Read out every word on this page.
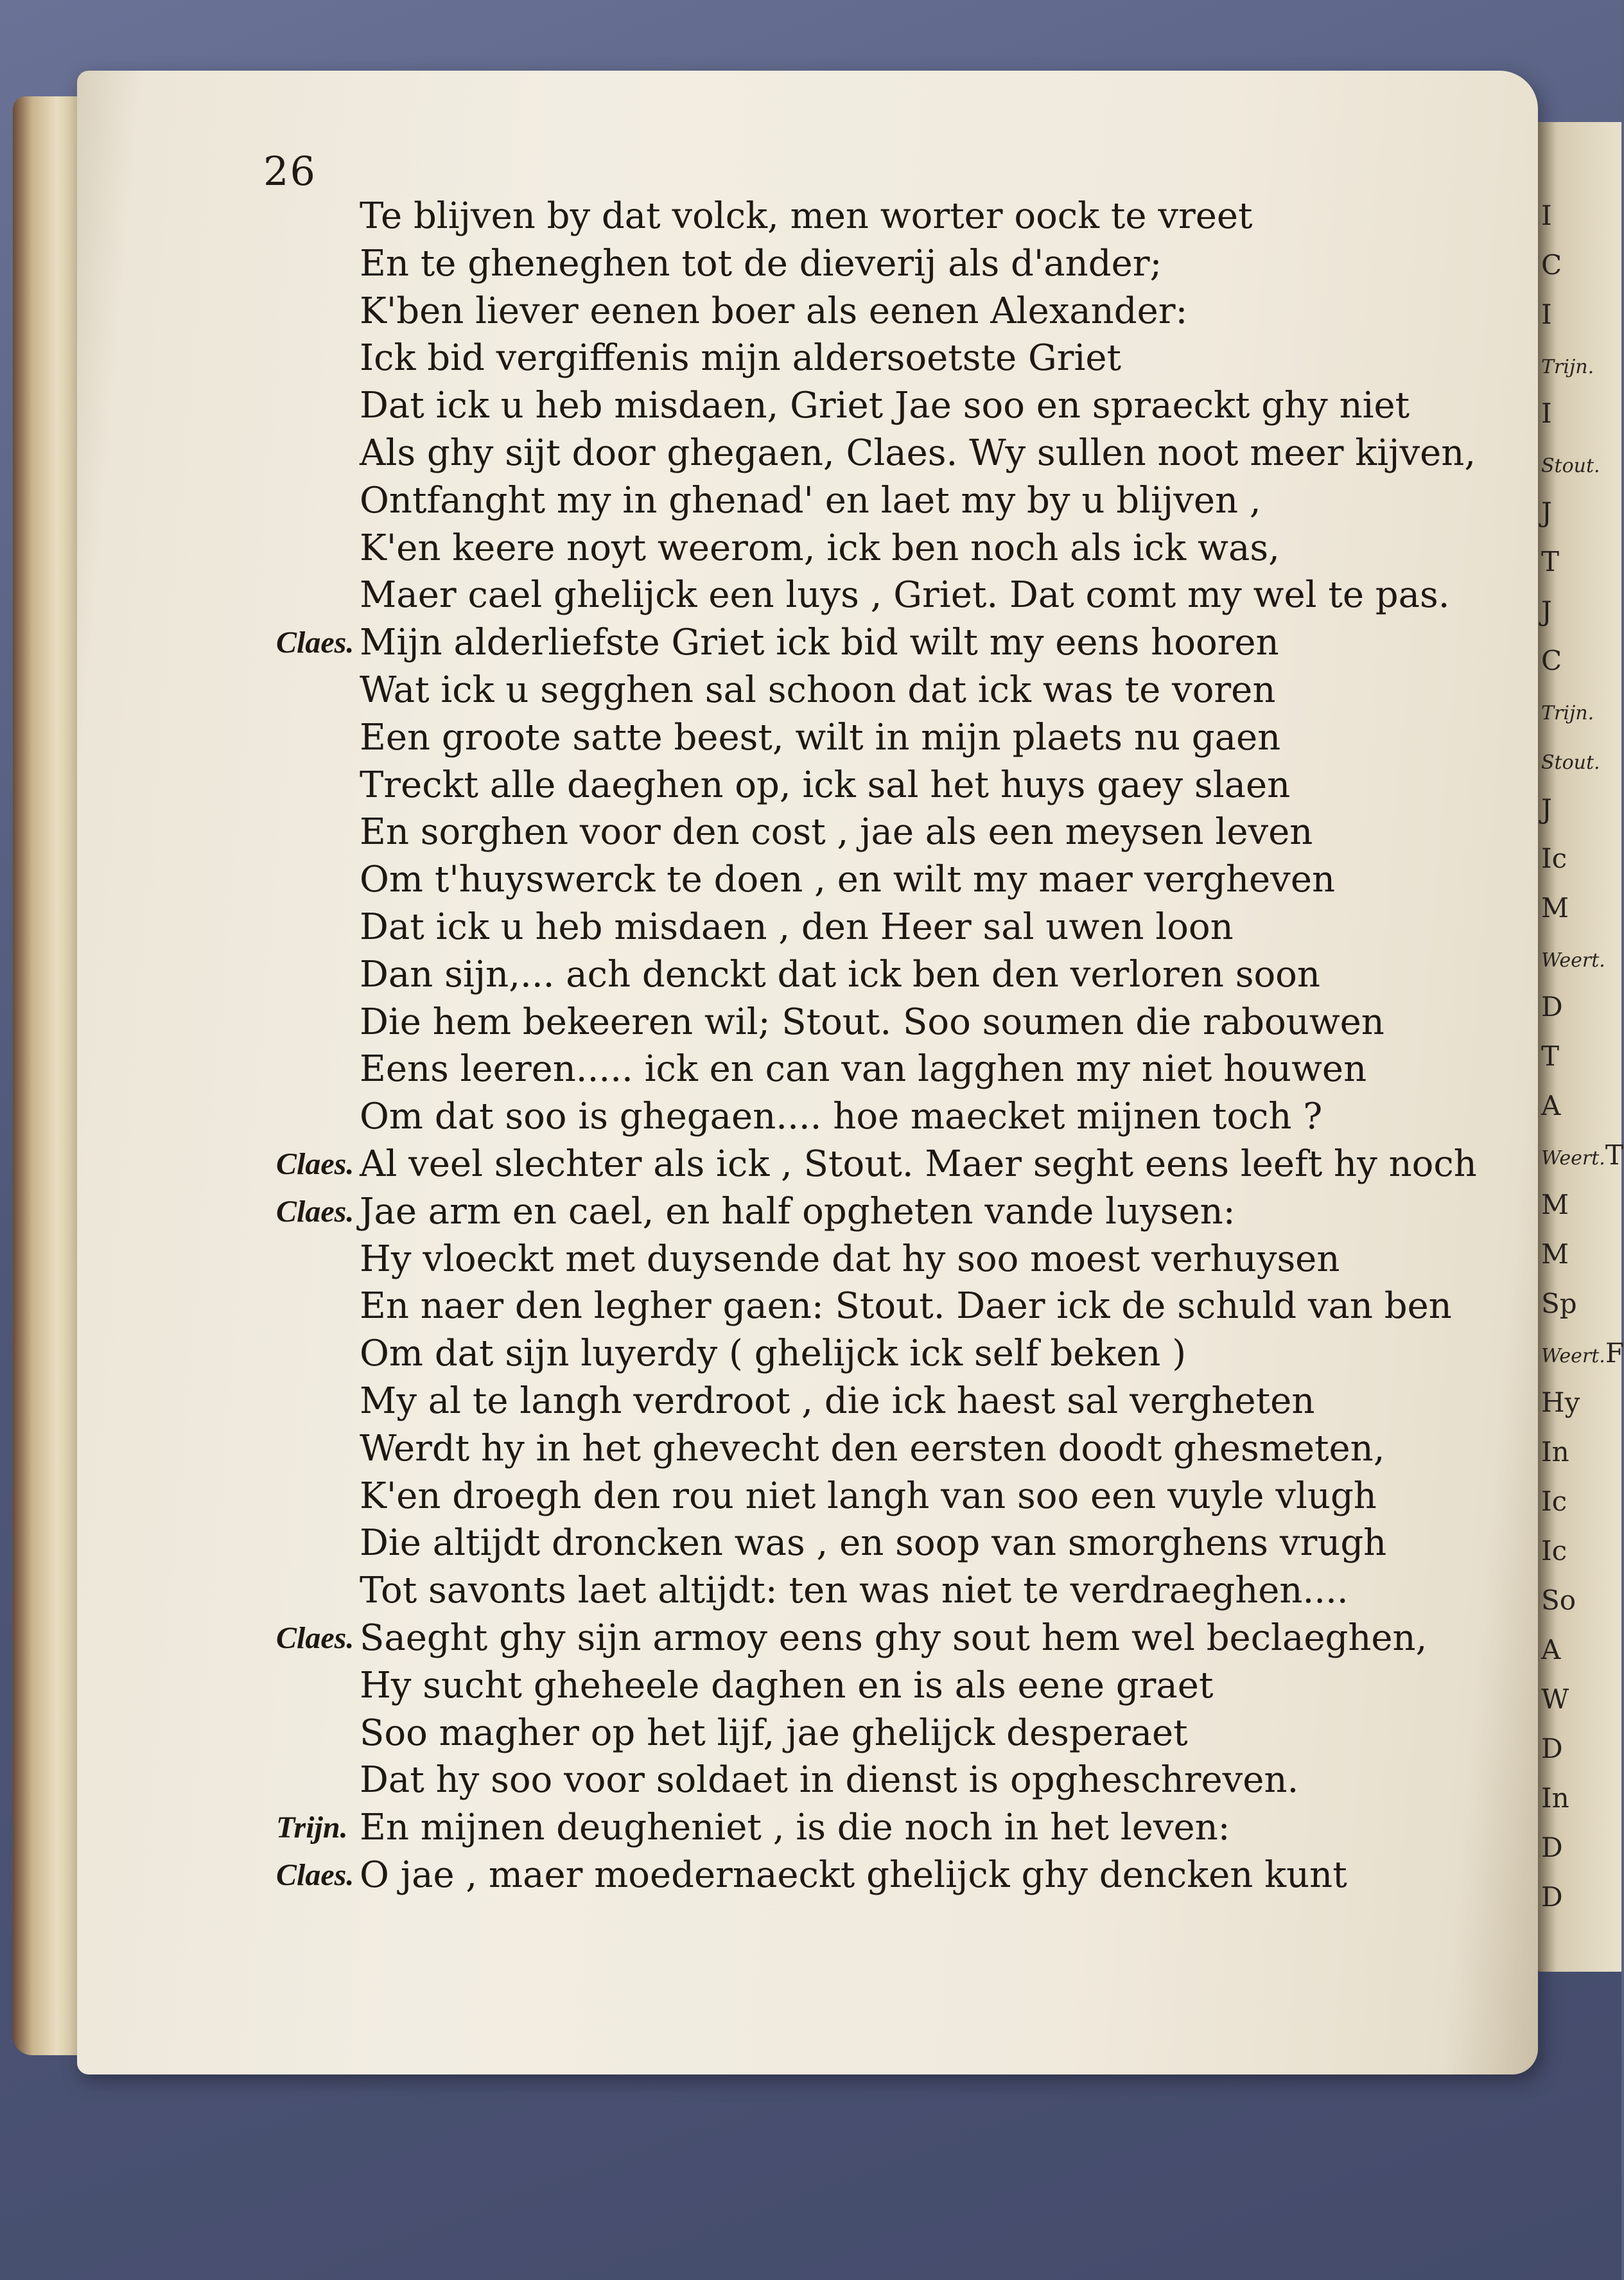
I
C
I
Trijn.
I
Stout.
J
T
J
C
Trijn.
Stout.
J
Ic
M
Weert.
D
T
A
Weert.T
M
M
Sp
Weert.F
Hy
In
Ic
Ic
So
A
W
D
In
D
D
26
Te blijven by dat volck, men worter oock te vreet
En te gheneghen tot de dieverij als d'ander;
K'ben liever eenen boer als eenen Alexander:
Ick bid vergiffenis mijn aldersoetste Griet
Dat ick u heb misdaen, Griet Jae soo en spraeckt ghy niet
Als ghy sijt door ghegaen, Claes. Wy sullen noot meer kijven,
Ontfanght my in ghenad' en laet my by u blijven ,
K'en keere noyt weerom, ick ben noch als ick was,
Maer cael ghelijck een luys , Griet. Dat comt my wel te pas.
Claes. Mijn alderliefste Griet ick bid wilt my eens hooren
Wat ick u segghen sal schoon dat ick was te voren
Een groote satte beest, wilt in mijn plaets nu gaen
Treckt alle daeghen op, ick sal het huys gaey slaen
En sorghen voor den cost , jae als een meysen leven
Om t'huyswerck te doen , en wilt my maer vergheven
Dat ick u heb misdaen , den Heer sal uwen loon
Dan sijn,... ach denckt dat ick ben den verloren soon
Die hem bekeeren wil; Stout. Soo soumen die rabouwen
Eens leeren..... ick en can van lagghen my niet houwen
Om dat soo is ghegaen.... hoe maecket mijnen toch ?
Claes. Al veel slechter als ick , Stout. Maer seght eens leeft hy noch
Claes. Jae arm en cael, en half opgheten vande luysen:
Hy vloeckt met duysende dat hy soo moest verhuysen
En naer den legher gaen: Stout. Daer ick de schuld van ben
Om dat sijn luyerdy ( ghelijck ick self beken )
My al te langh verdroot , die ick haest sal vergheten
Werdt hy in het ghevecht den eersten doodt ghesmeten,
K'en droegh den rou niet langh van soo een vuyle vlugh
Die altijdt droncken was , en soop van smorghens vrugh
Tot savonts laet altijdt: ten was niet te verdraeghen....
Claes. Saeght ghy sijn armoy eens ghy sout hem wel beclaeghen,
Hy sucht gheheele daghen en is als eene graet
Soo magher op het lijf, jae ghelijck desperaet
Dat hy soo voor soldaet in dienst is opgheschreven.
Trijn. En mijnen deugheniet , is die noch in het leven:
Claes. O jae , maer moedernaeckt ghelijck ghy dencken kunt
